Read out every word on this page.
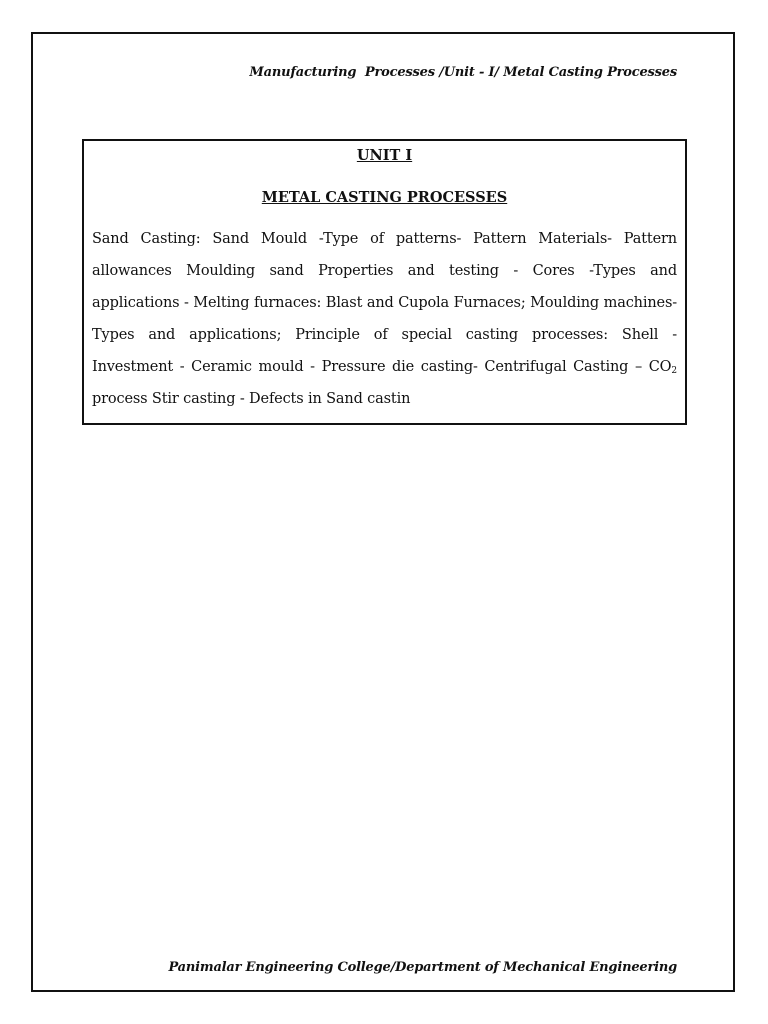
Manufacturing  Processes /Unit - I/ Metal Casting Processes
UNIT I
METAL CASTING PROCESSES
Sand Casting: Sand Mould -Type of patterns- Pattern Materials- Pattern allowances Moulding sand Properties and testing - Cores -Types and applications - Melting furnaces: Blast and Cupola Furnaces; Moulding machines- Types and applications; Principle of special casting processes: Shell - Investment - Ceramic mould - Pressure die casting- Centrifugal Casting – $CO_2$ process Stir casting - Defects in Sand castin
Panimalar Engineering College/Department of Mechanical Engineering
